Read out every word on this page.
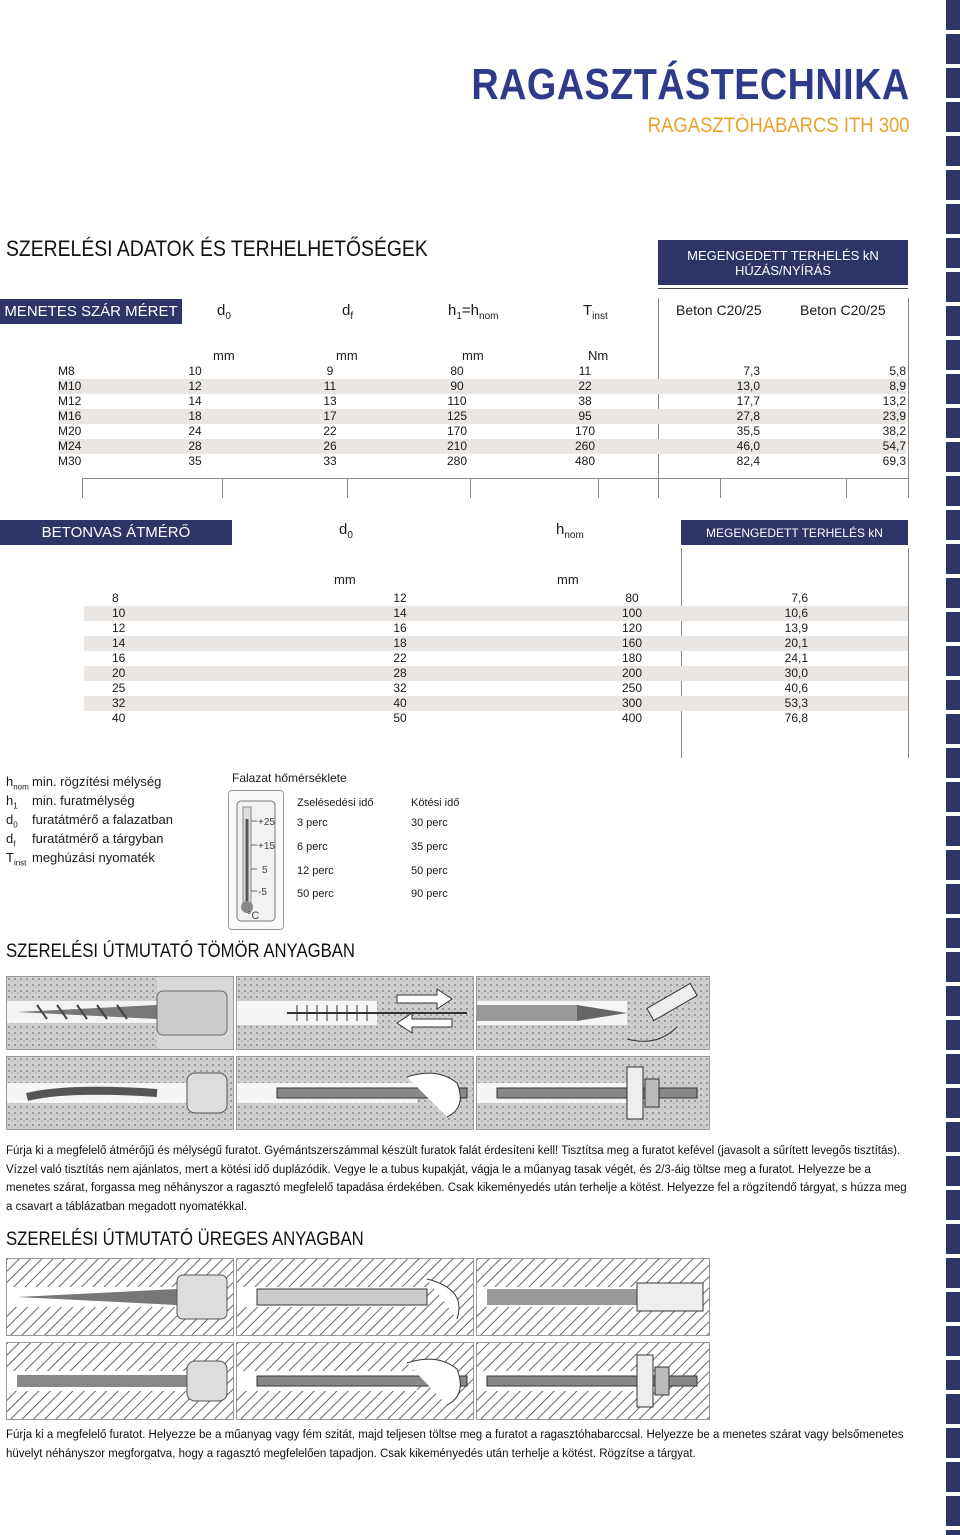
RAGASZTÁSTECHNIKA
RAGASZTÓHABARCS ITH 300
SZERELÉSI ADATOK ÉS TERHELHETŐSÉGEK	MEGENGEDETT TERHELÉS kN
HÚZÁS/NYÍRÁS
MENETES SZÁR MÉRET	$d_0$	$d_f$	$h_1=h_{nom}$	$T_{inst}$	Beton C20/25	Beton C20/25
mm	mm	mm	Nm
M8	10	9	80	11	7,3	5,8
M10	12	11	90	22	13,0	8,9
M12	14	13	110	38	17,7	13,2
M16	18	17	125	95	27,8	23,9
M20	24	22	170	170	35,5	38,2
M24	28	26	210	260	46,0	54,7
M30	35	33	280	480	82,4	69,3
BETONVAS ÁTMÉRŐ	$d_0$	$h_{nom}$	MEGENGEDETT TERHELÉS kN
mm	mm
8	12	80	7,6
10	14	100	10,6
12	16	120	13,9
14	18	160	20,1
16	22	180	24,1
20	28	200	30,0
25	32	250	40,6
32	40	300	53,3
40	50	400	76,8
$h_{nom}$ min. rögzítési mélység
$h_1$ min. furatmélység
$d_0$ furatátmérő a falazatban
$d_f$ furatátmérő a tárgyban
$T_{inst}$ meghúzási nyomaték
Falazat hőmérséklete
+25
+15
5
-5
°C
Zselésedési idő	Kötési idő
3 perc	30 perc
6 perc	35 perc
12 perc	50 perc
50 perc	90 perc
SZERELÉSI ÚTMUTATÓ TÖMÖR ANYAGBAN
Fúrja ki a megfelelő átmérőjű és mélységű furatot. Gyémántszerszámmal készült furatok falát érdesíteni kell! Tisztítsa meg a furatot kefével (javasolt a sűrített levegős tisztítás). Vízzel való tisztítás nem ajánlatos, mert a kötési idő duplázódik. Vegye le a tubus kupakját, vágja le a műanyag tasak végét, és 2/3-áig töltse meg a furatot. Helyezze be a menetes szárat, forgassa meg néhányszor a ragasztó megfelelő tapadása érdekében. Csak kikeményedés után terhelje a kötést. Helyezze fel a rögzítendő tárgyat, s húzza meg a csavart a táblázatban megadott nyomatékkal.
SZERELÉSI ÚTMUTATÓ ÜREGES ANYAGBAN
Fúrja ki a megfelelő furatot. Helyezze be a műanyag vagy fém szitát, majd teljesen töltse meg a furatot a ragasztóhabarccsal. Helyezze be a menetes szárat vagy belsőmenetes hüvelyt néhányszor megforgatva, hogy a ragasztó megfelelően tapadjon. Csak kikeményedés után terhelje a kötést. Rögzítse a tárgyat.
